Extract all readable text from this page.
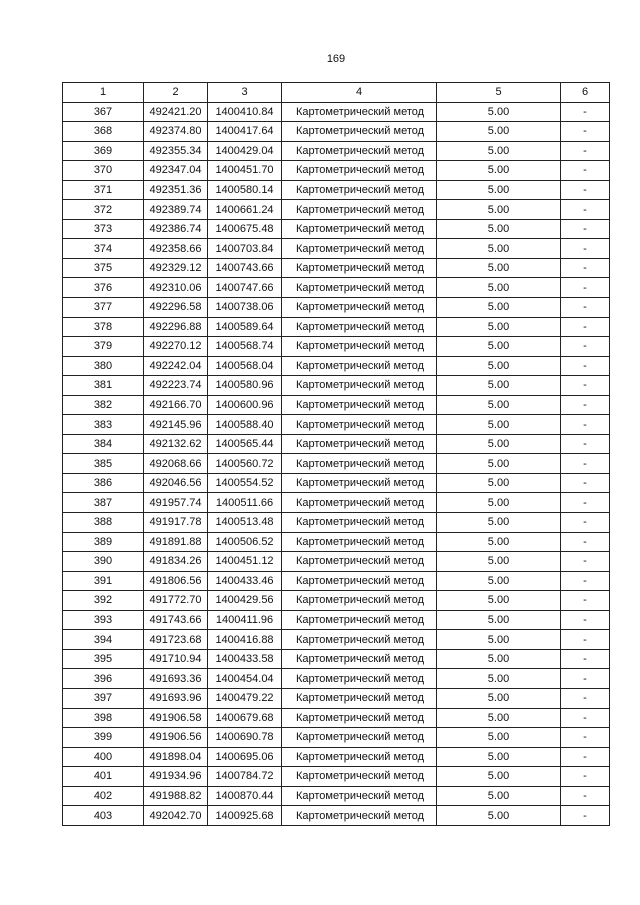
169
1	2	3	4	5	6
367	492421.20	1400410.84	Картометрический метод	5.00	-
368	492374.80	1400417.64	Картометрический метод	5.00	-
369	492355.34	1400429.04	Картометрический метод	5.00	-
370	492347.04	1400451.70	Картометрический метод	5.00	-
371	492351.36	1400580.14	Картометрический метод	5.00	-
372	492389.74	1400661.24	Картометрический метод	5.00	-
373	492386.74	1400675.48	Картометрический метод	5.00	-
374	492358.66	1400703.84	Картометрический метод	5.00	-
375	492329.12	1400743.66	Картометрический метод	5.00	-
376	492310.06	1400747.66	Картометрический метод	5.00	-
377	492296.58	1400738.06	Картометрический метод	5.00	-
378	492296.88	1400589.64	Картометрический метод	5.00	-
379	492270.12	1400568.74	Картометрический метод	5.00	-
380	492242.04	1400568.04	Картометрический метод	5.00	-
381	492223.74	1400580.96	Картометрический метод	5.00	-
382	492166.70	1400600.96	Картометрический метод	5.00	-
383	492145.96	1400588.40	Картометрический метод	5.00	-
384	492132.62	1400565.44	Картометрический метод	5.00	-
385	492068.66	1400560.72	Картометрический метод	5.00	-
386	492046.56	1400554.52	Картометрический метод	5.00	-
387	491957.74	1400511.66	Картометрический метод	5.00	-
388	491917.78	1400513.48	Картометрический метод	5.00	-
389	491891.88	1400506.52	Картометрический метод	5.00	-
390	491834.26	1400451.12	Картометрический метод	5.00	-
391	491806.56	1400433.46	Картометрический метод	5.00	-
392	491772.70	1400429.56	Картометрический метод	5.00	-
393	491743.66	1400411.96	Картометрический метод	5.00	-
394	491723.68	1400416.88	Картометрический метод	5.00	-
395	491710.94	1400433.58	Картометрический метод	5.00	-
396	491693.36	1400454.04	Картометрический метод	5.00	-
397	491693.96	1400479.22	Картометрический метод	5.00	-
398	491906.58	1400679.68	Картометрический метод	5.00	-
399	491906.56	1400690.78	Картометрический метод	5.00	-
400	491898.04	1400695.06	Картометрический метод	5.00	-
401	491934.96	1400784.72	Картометрический метод	5.00	-
402	491988.82	1400870.44	Картометрический метод	5.00	-
403	492042.70	1400925.68	Картометрический метод	5.00	-
